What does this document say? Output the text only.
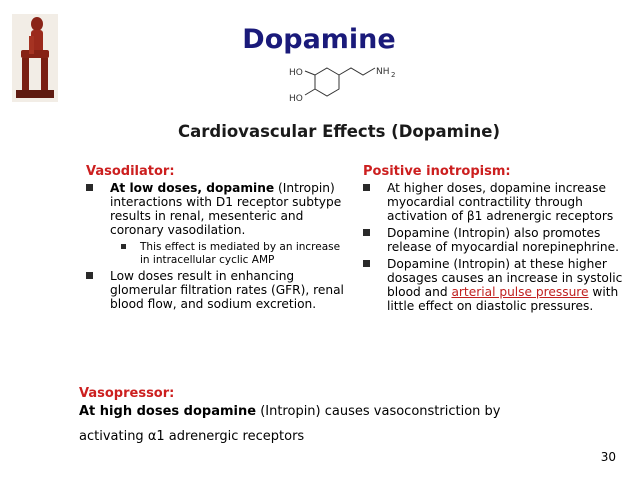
Dopamine
HO
HO
NH 2
Cardiovascular Effects (Dopamine)
Vasodilator:
At low doses, dopamine (Intropin) interactions with D1 receptor subtype results in renal, mesenteric and coronary vasodilation.
This effect is mediated by an increase in intracellular cyclic AMP
Low doses result in enhancing glomerular filtration rates (GFR), renal blood flow, and sodium excretion.
Positive inotropism:
At higher doses, dopamine increase myocardial contractility through activation of β1 adrenergic receptors
Dopamine (Intropin) also promotes release of myocardial norepinephrine.
Dopamine (Intropin) at these higher dosages causes an increase in systolic blood and arterial pulse pressure with little effect on diastolic pressures.
Vasopressor:
At high doses dopamine (Intropin) causes vasoconstriction by
activating α1 adrenergic receptors
30
